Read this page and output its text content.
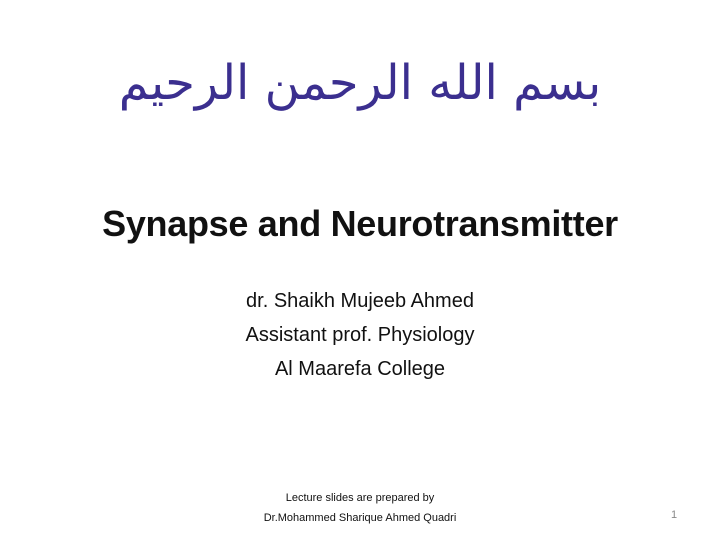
بسم الله الرحمن الرحيم
Synapse and Neurotransmitter
dr. Shaikh Mujeeb Ahmed
Assistant prof. Physiology
Al Maarefa College
Lecture slides are prepared by
Dr.Mohammed Sharique Ahmed Quadri	1
